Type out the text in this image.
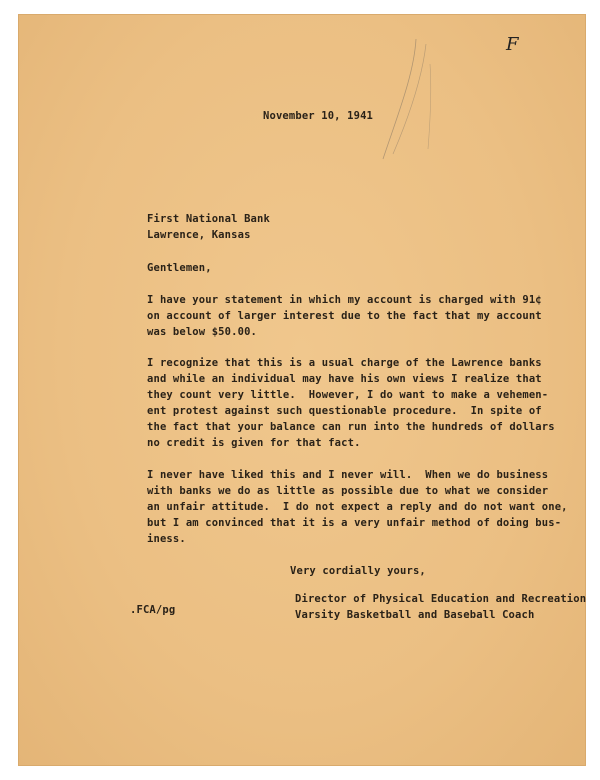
F
November 10, 1941
First National Bank
Lawrence, Kansas
Gentlemen,
I have your statement in which my account is charged with 91¢
on account of larger interest due to the fact that my account
was below $50.00.
I recognize that this is a usual charge of the Lawrence banks
and while an individual may have his own views I realize that
they count very little.  However, I do want to make a vehemen-
ent protest against such questionable procedure.  In spite of
the fact that your balance can run into the hundreds of dollars
no credit is given for that fact.
I never have liked this and I never will.  When we do business
with banks we do as little as possible due to what we consider
an unfair attitude.  I do not expect a reply and do not want one,
but I am convinced that it is a very unfair method of doing bus-
iness.
Very cordially yours,
.FCA/pg
Director of Physical Education and Recreation
Varsity Basketball and Baseball Coach
